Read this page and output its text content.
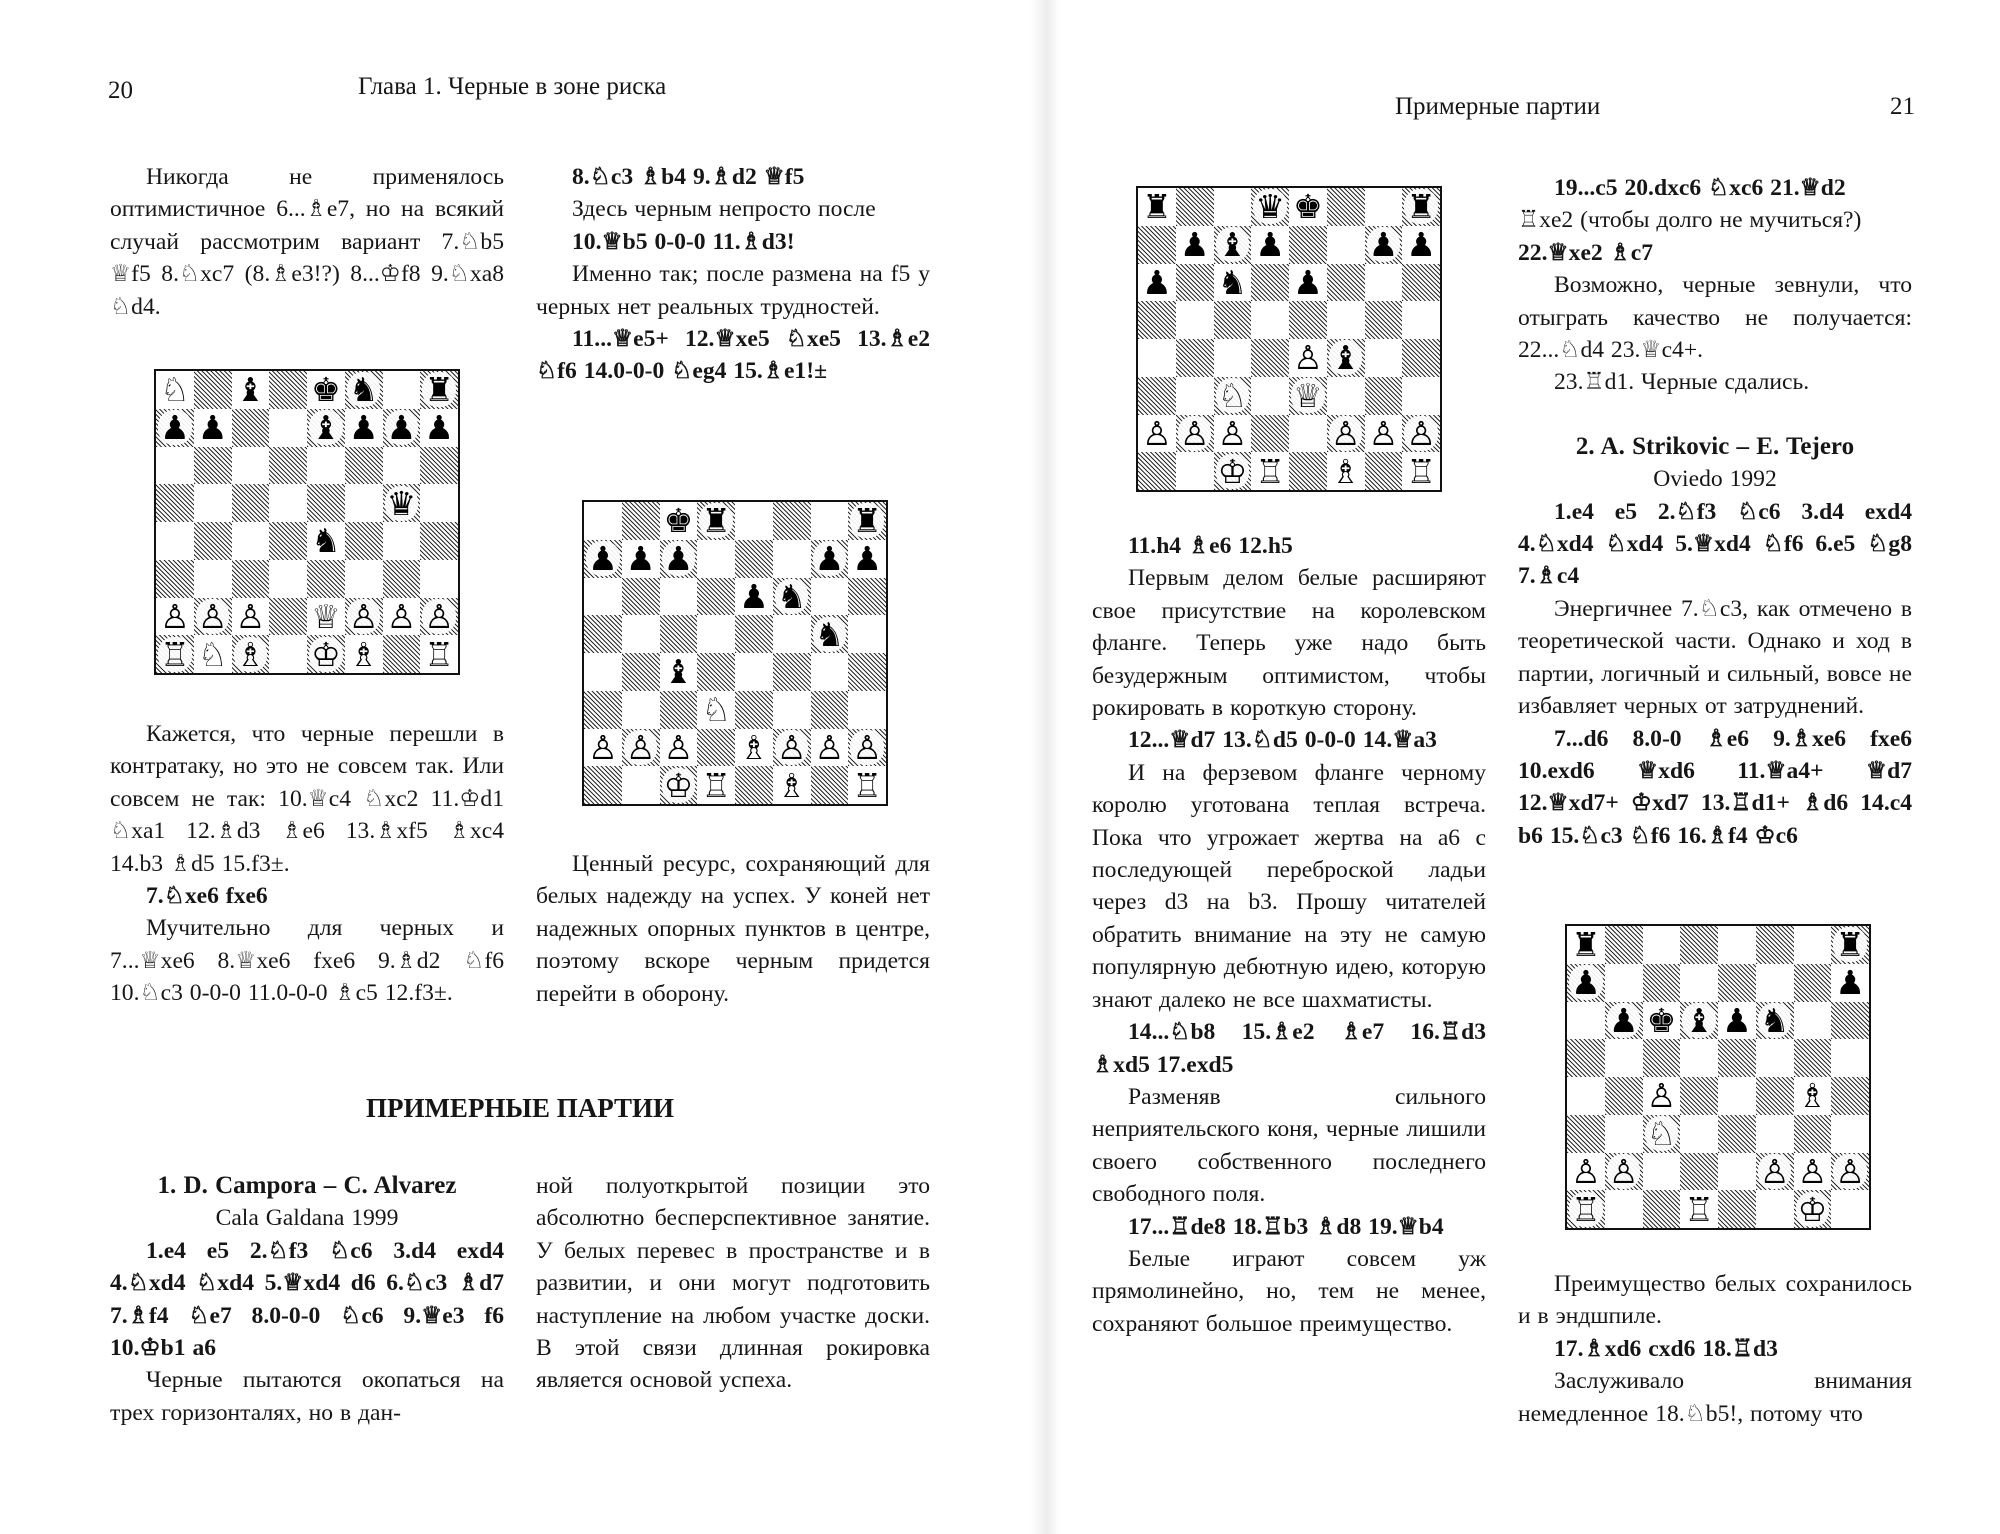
20	Глава 1. Черные в зоне риска

Никогда не применялось оптимистичное 6...♗e7, но на всякий случай рассмотрим вариант 7.♘b5 ♕f5 8.♘xc7 (8.♗e3!?) 8...♔f8 9.♘xa8 ♘d4.

♘ ♝ ♚ ♞ ♜
♟ ♟	♝ ♟ ♟ ♟
♛
♞
♙ ♙ ♙ ♕ ♙ ♙ ♙
♖ ♘ ♗ ♔ ♗ ♖

Кажется, что черные перешли в контратаку, но это не совсем так. Или совсем не так: 10.♕c4 ♘xc2 11.♔d1 ♘xa1 12.♗d3 ♗e6 13.♗xf5 ♗xc4 14.b3 ♗d5 15.f3±.

7.♘xe6 fxe6

Мучительно для черных и 7...♕xe6 8.♕xe6 fxe6 9.♗d2 ♘f6 10.♘c3 0-0-0 11.0-0-0 ♗c5 12.f3±.

8.♘c3 ♗b4 9.♗d2 ♕f5

Здесь черным непросто после

10.♕b5 0-0-0 11.♗d3!

Именно так; после размена на f5 у черных нет реальных трудностей.

11...♕e5+ 12.♕xe5 ♘xe5 13.♗e2 ♘f6 14.0-0-0 ♘eg4 15.♗e1!±

♚ ♜	♜
♟ ♟ ♟	♟ ♟
♟ ♞
♞
♝
♘
♙ ♙ ♙ ♗ ♙ ♙ ♙
♔ ♖ ♗ ♖

Ценный ресурс, сохраняющий для белых надежду на успех. У коней нет надежных опорных пунктов в центре, поэтому вскоре черным придется перейти в оборону.

ПРИМЕРНЫЕ ПАРТИИ

1. D. Campora – C. Alvarez

Cala Galdana 1999

1.e4 e5 2.♘f3 ♘c6 3.d4 exd4 4.♘xd4 ♘xd4 5.♕xd4 d6 6.♘c3 ♗d7 7.♗f4 ♘e7 8.0-0-0 ♘c6 9.♕e3 f6 10.♔b1 a6

Черные пытаются окопаться на трех горизонталях, но в дан-

ной полуоткрытой позиции это абсолютно бесперспективное занятие. У белых перевес в пространстве и в развитии, и они могут подготовить наступление на любом участке доски. В этой связи длинная рокировка является основой успеха.

Примерные партии	21
♜	♛ ♚	♜
♟ ♝ ♟	♟ ♟
♟ ♞ ♟
♙ ♝
♘ ♕
♙ ♙ ♙	♙ ♙ ♙
♔ ♖ ♗ ♖

11.h4 ♗e6 12.h5

Первым делом белые расширяют свое присутствие на королевском фланге. Теперь уже надо быть безудержным оптимистом, чтобы рокировать в короткую сторону.

12...♕d7 13.♘d5 0-0-0 14.♕a3

И на ферзевом фланге черному королю уготована теплая встреча. Пока что угрожает жертва на a6 с последующей переброской ладьи через d3 на b3. Прошу читателей обратить внимание на эту не самую популярную дебютную идею, которую знают далеко не все шахматисты.

14...♘b8 15.♗e2 ♗e7 16.♖d3 ♗xd5 17.exd5

Разменяв сильного неприятельского коня, черные лишили своего собственного последнего свободного поля.

17...♖de8 18.♖b3 ♗d8 19.♕b4

Белые играют совсем уж прямолинейно, но, тем не менее, сохраняют большое преимущество.

19...c5 20.dxc6 ♘xc6 21.♕d2

♖xe2 (чтобы долго не мучиться?)

22.♕xe2 ♗c7

Возможно, черные зевнули, что отыграть качество не получается: 22...♘d4 23.♕c4+.

23.♖d1. Черные сдались.

2. A. Strikovic – E. Tejero

Oviedo 1992

1.e4 e5 2.♘f3 ♘c6 3.d4 exd4 4.♘xd4 ♘xd4 5.♕xd4 ♘f6 6.e5 ♘g8 7.♗c4

Энергичнее 7.♘c3, как отмечено в теоретической части. Однако и ход в партии, логичный и сильный, вовсе не избавляет черных от затруднений.

7...d6 8.0-0 ♗e6 9.♗xe6 fxe6 10.exd6 ♕xd6 11.♕a4+ ♕d7 12.♕xd7+ ♔xd7 13.♖d1+ ♗d6 14.c4 b6 15.♘c3 ♘f6 16.♗f4 ♔c6

♜	♜
♟	♟
♟ ♚ ♝ ♟ ♞
♙	♗
♘
♙ ♙	♙ ♙ ♙
♖	♖	♔

Преимущество белых сохранилось и в эндшпиле.

17.♗xd6 cxd6 18.♖d3

Заслуживало внимания немедленное 18.♘b5!, потому что
